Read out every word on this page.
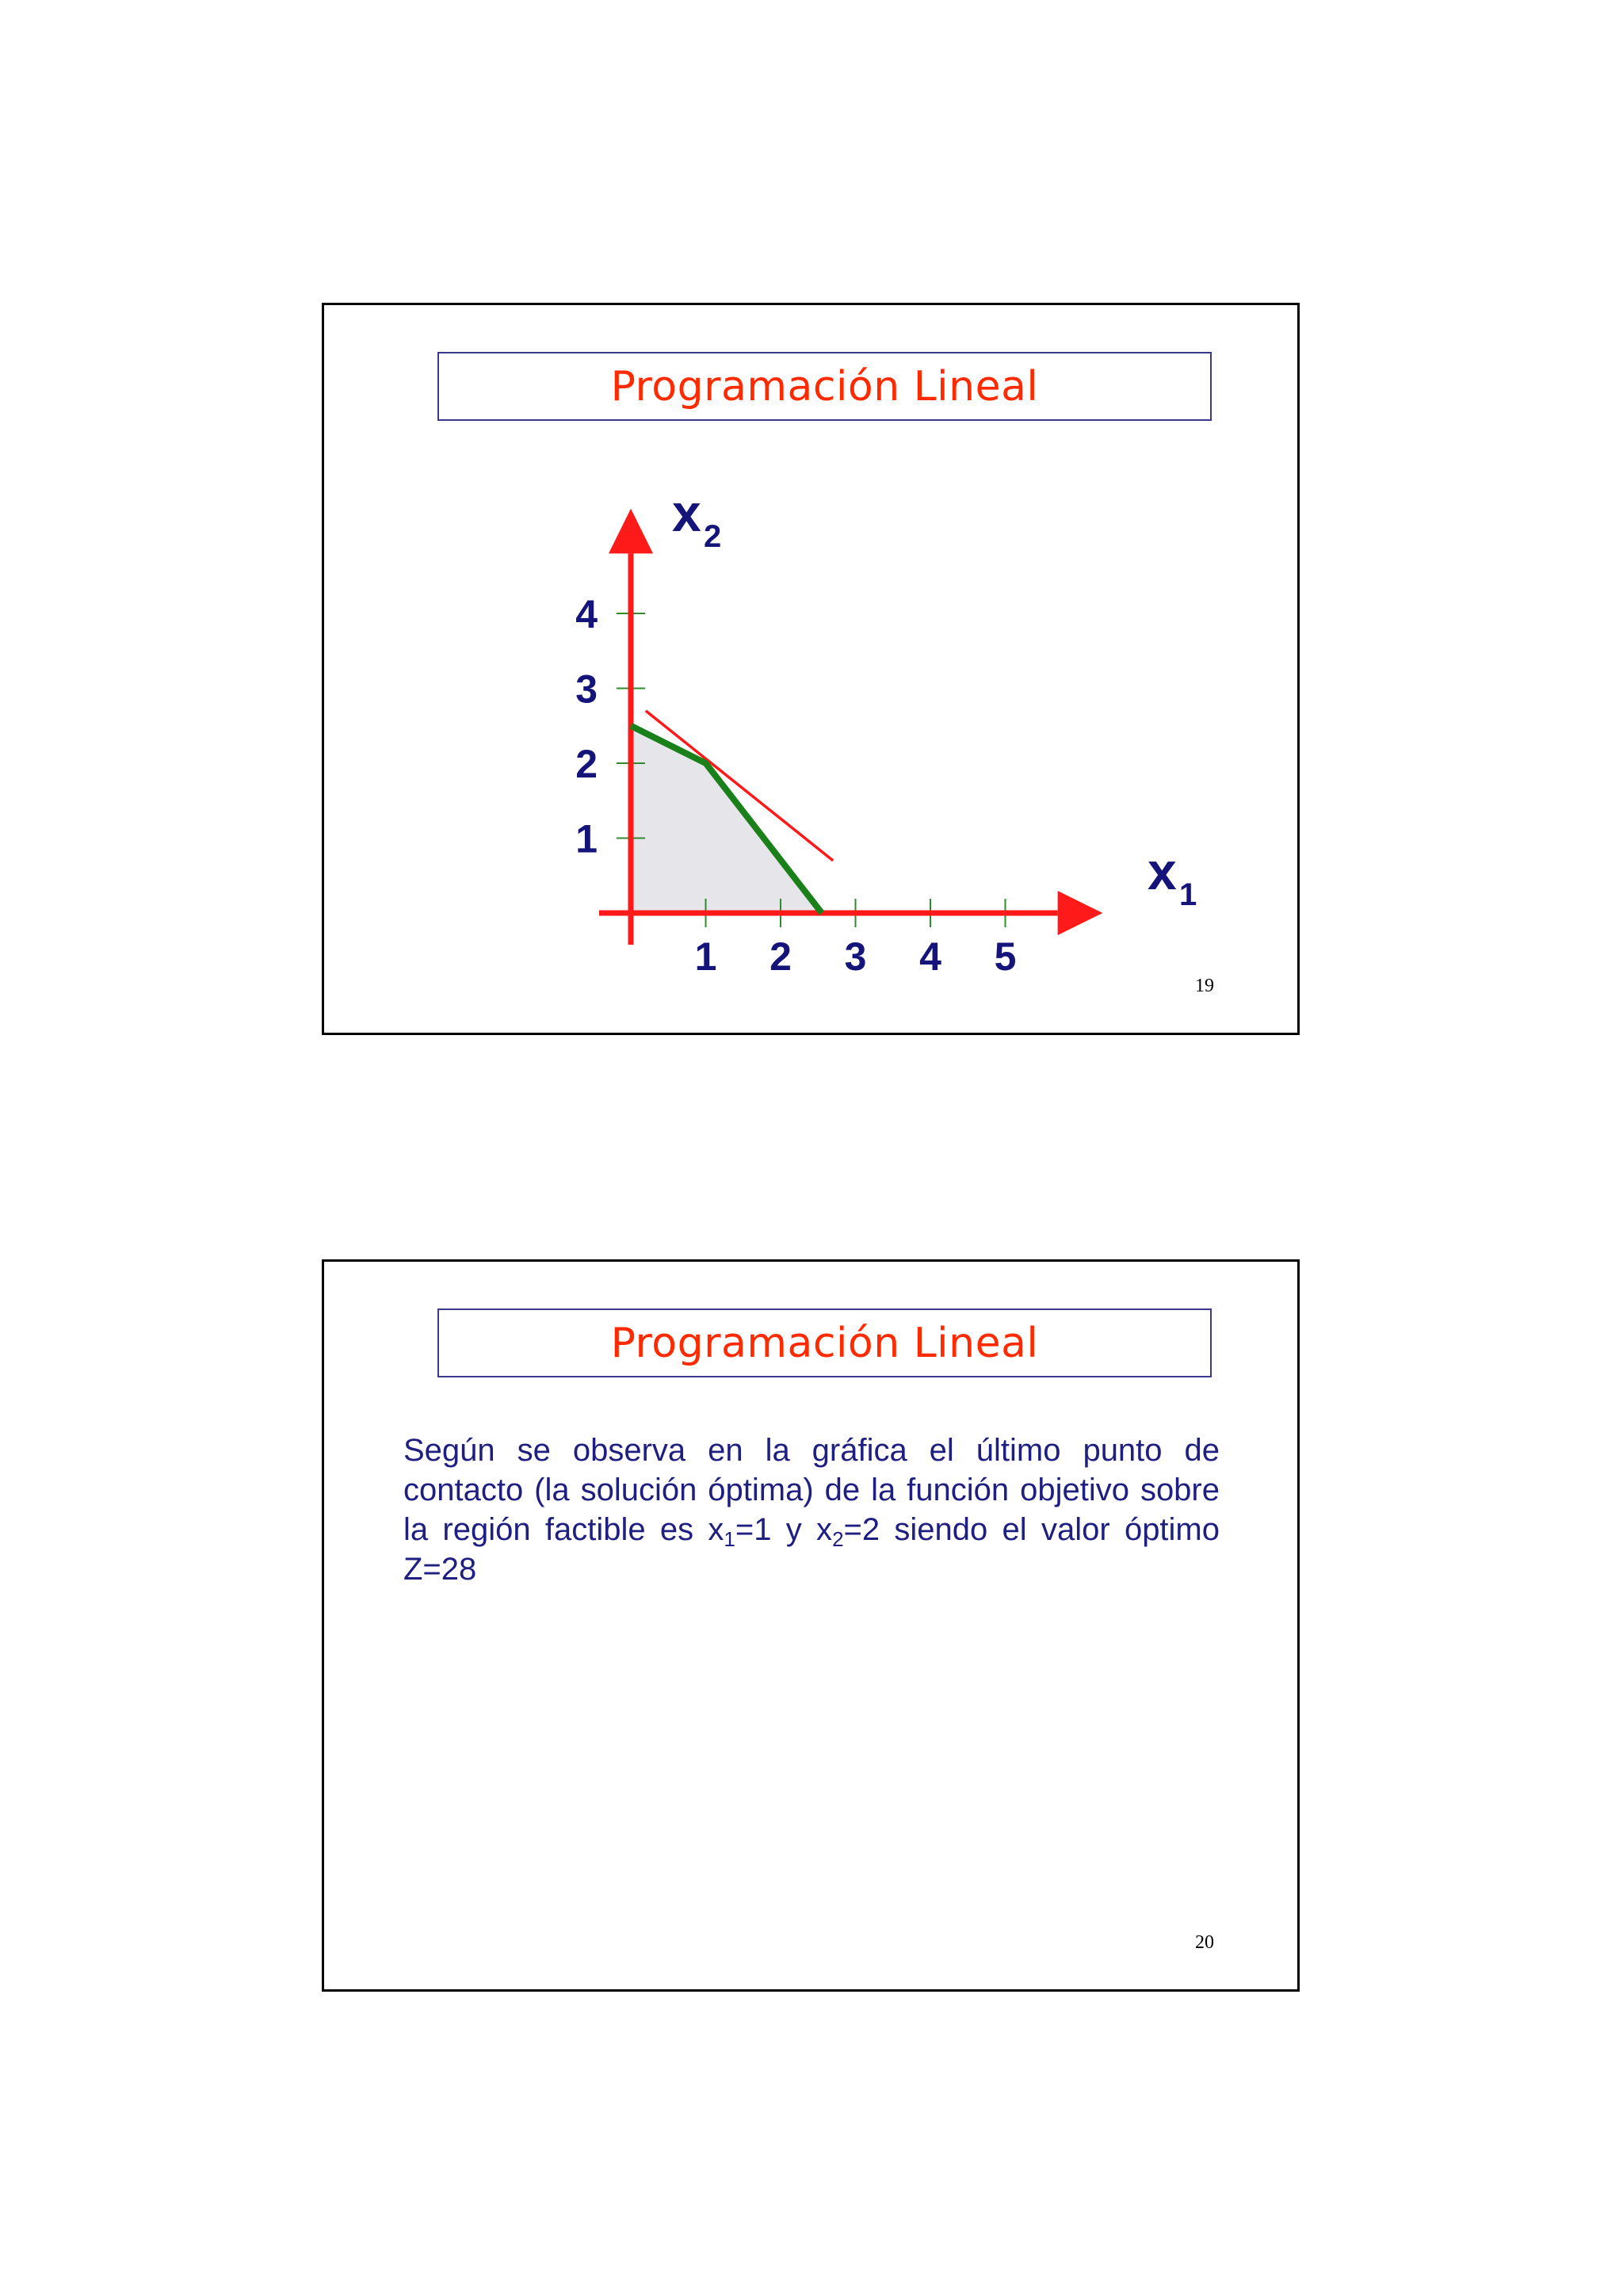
Programación Lineal
1 2 3 4 5
1
2
3
4
x 2
x 1
19
Programación Lineal
Según se observa en la gráfica el último punto de contacto (la solución óptima) de la función objetivo sobre la región factible es $x_1=1$ y $x_2=2$ siendo el valor óptimo Z=28
20
